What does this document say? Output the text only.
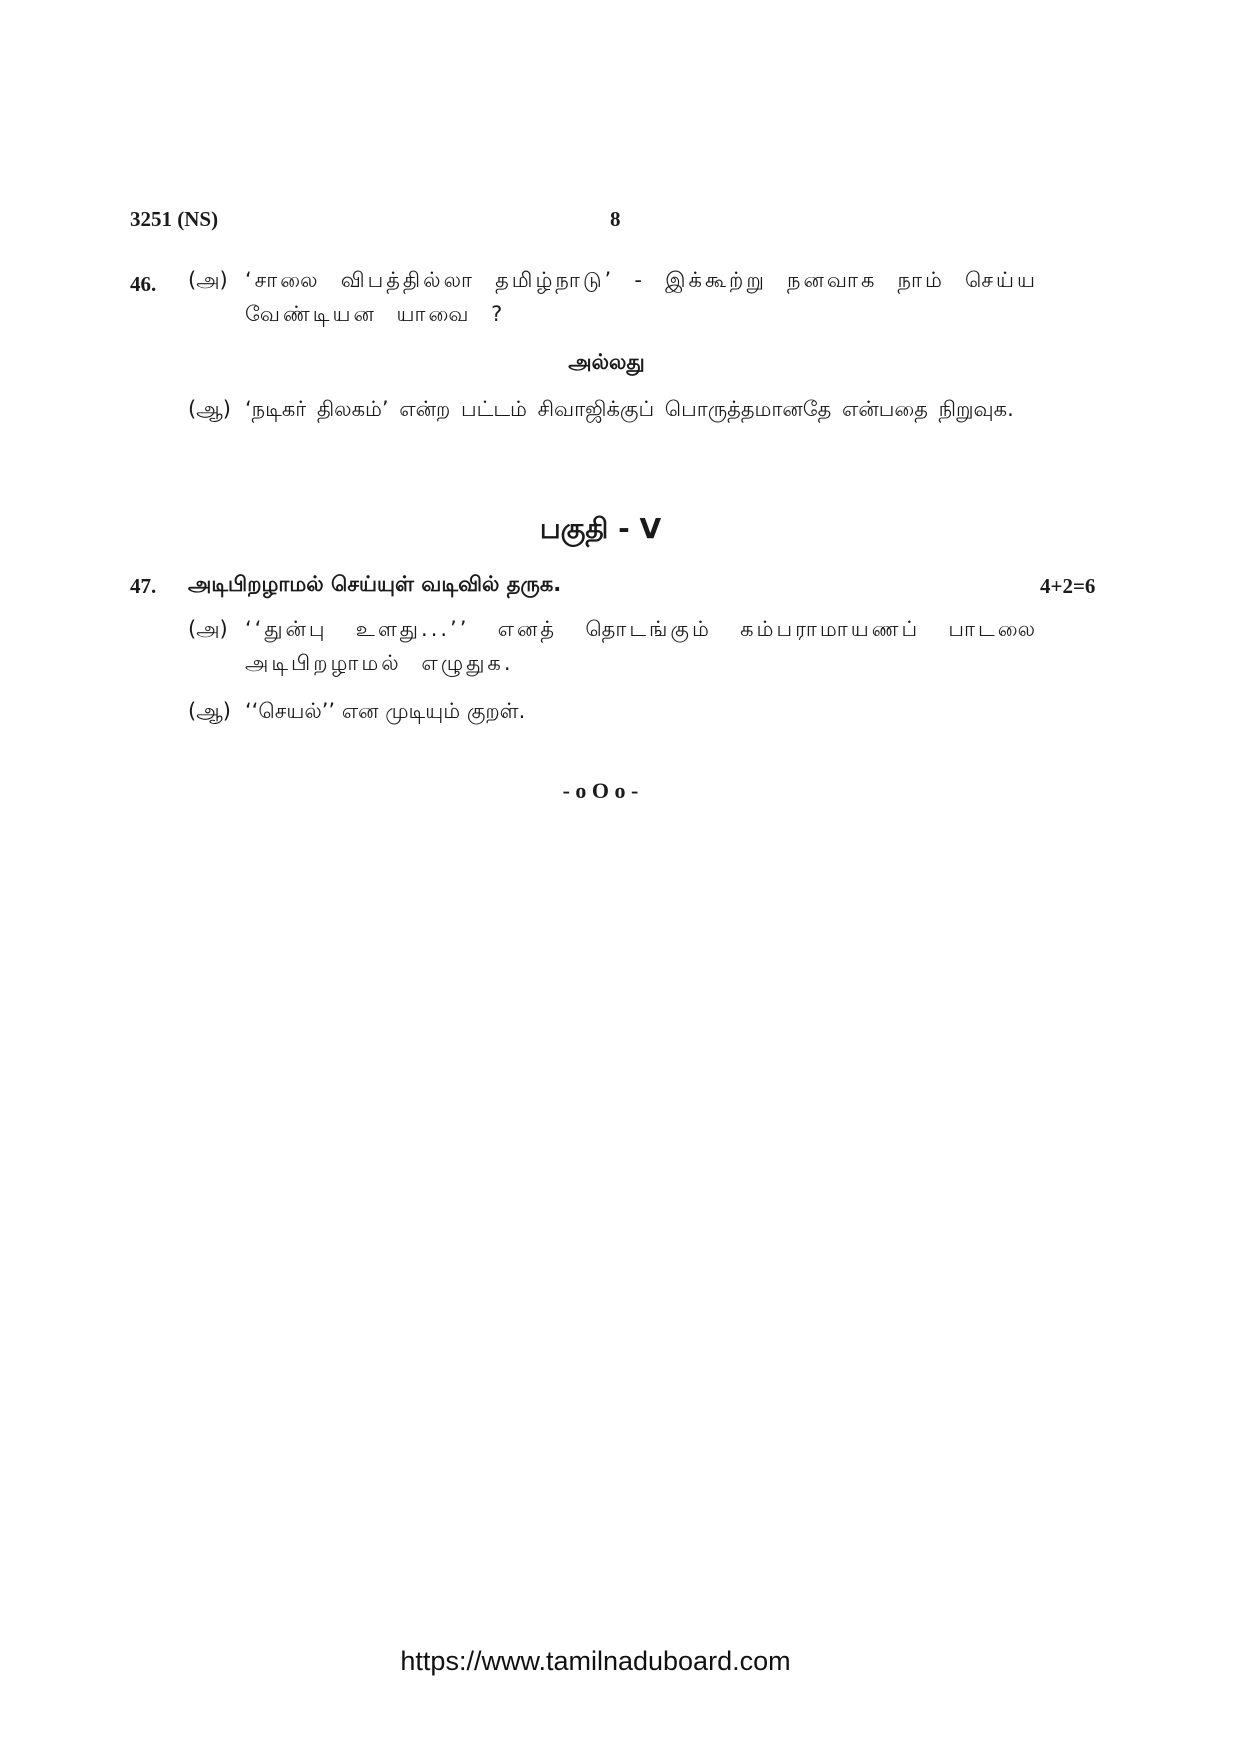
3251 (NS)	8
46. (அ) ‘சாலை விபத்தில்லா தமிழ்நாடு’ - இக்கூற்று நனவாக நாம் செய்ய வேண்டியன யாவை ?
அல்லது
(ஆ) ‘நடிகர் திலகம்’ என்ற பட்டம் சிவாஜிக்குப் பொருத்தமானதே என்பதை நிறுவுக.
பகுதி - V
47. அடிபிறழாமல் செய்யுள் வடிவில் தருக.	4+2=6
(அ) ‘‘துன்பு உளது...’’ எனத் தொடங்கும் கம்பராமாயணப் பாடலை அடிபிறழாமல் எழுதுக.
(ஆ) ‘‘செயல்’’ என முடியும் குறள்.
- o O o -
https://www.tamilnaduboard.com
